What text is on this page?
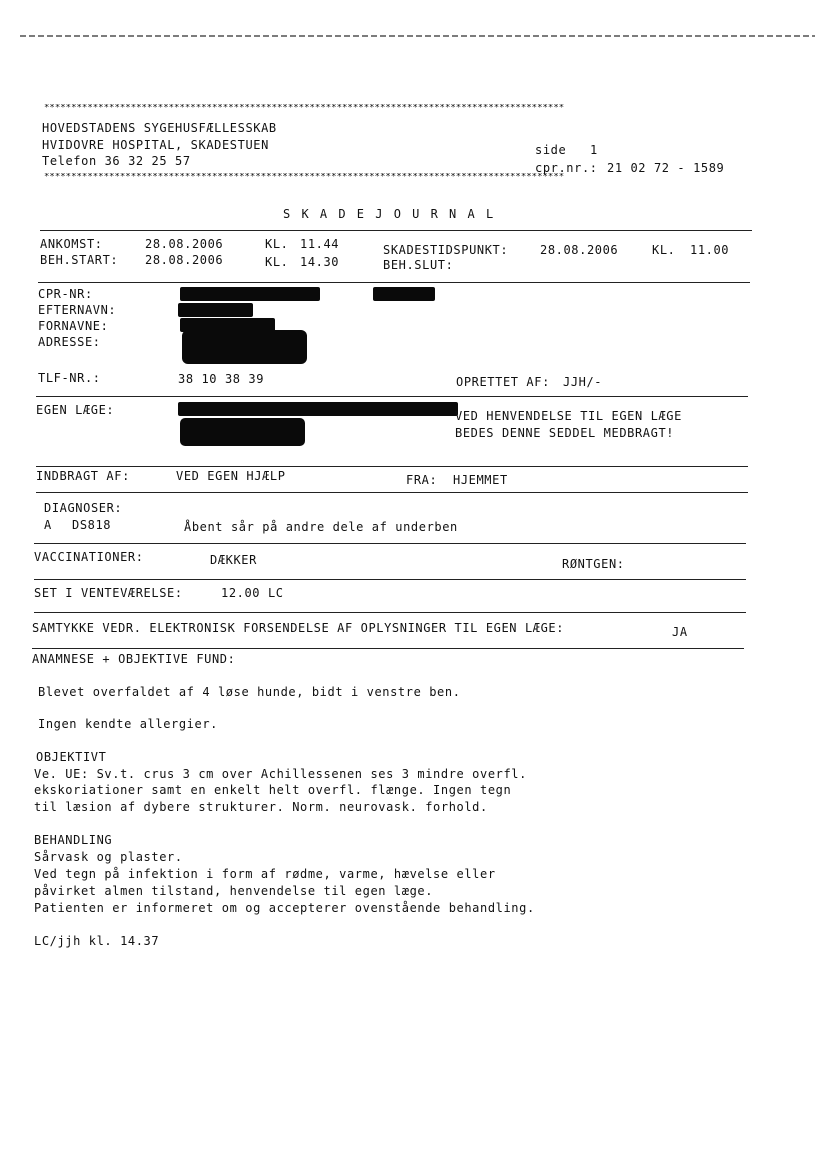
************************************************************************************************
HOVEDSTADENS SYGEHUSFÆLLESSKAB
HVIDOVRE HOSPITAL, SKADESTUEN
Telefon 36 32 25 57
side 1
cpr.nr.: 21 02 72 - 1589
************************************************************************************************
S K A D E J O U R N A L
ANKOMST:	28.08.2006	KL. 11.44	SKADESTIDSPUNKT:	28.08.2006	KL. 11.00
BEH.START: 28.08.2006	KL. 14.30	BEH.SLUT:
CPR-NR:
EFTERNAVN:
FORNAVNE:
ADRESSE:
TLF-NR.:	38 10 38 39	OPRETTET AF: JJH/-
EGEN LÆGE:	VED HENVENDELSE TIL EGEN LÆGE
BEDES DENNE SEDDEL MEDBRAGT!
INDBRAGT AF:	VED EGEN HJÆLP	FRA: HJEMMET
DIAGNOSER:
A DS818	Åbent sår på andre dele af underben
VACCINATIONER:	DÆKKER	RØNTGEN:
SET I VENTEVÆRELSE:	12.00 LC
SAMTYKKE VEDR. ELEKTRONISK FORSENDELSE AF OPLYSNINGER TIL EGEN LÆGE:	JA
ANAMNESE + OBJEKTIVE FUND:
Blevet overfaldet af 4 løse hunde, bidt i venstre ben.
Ingen kendte allergier.
OBJEKTIVT
Ve. UE: Sv.t. crus 3 cm over Achillessenen ses 3 mindre overfl.
ekskoriationer samt en enkelt helt overfl. flænge. Ingen tegn
til læsion af dybere strukturer. Norm. neurovask. forhold.
BEHANDLING
Sårvask og plaster.
Ved tegn på infektion i form af rødme, varme, hævelse eller
påvirket almen tilstand, henvendelse til egen læge.
Patienten er informeret om og accepterer ovenstående behandling.
LC/jjh kl. 14.37
